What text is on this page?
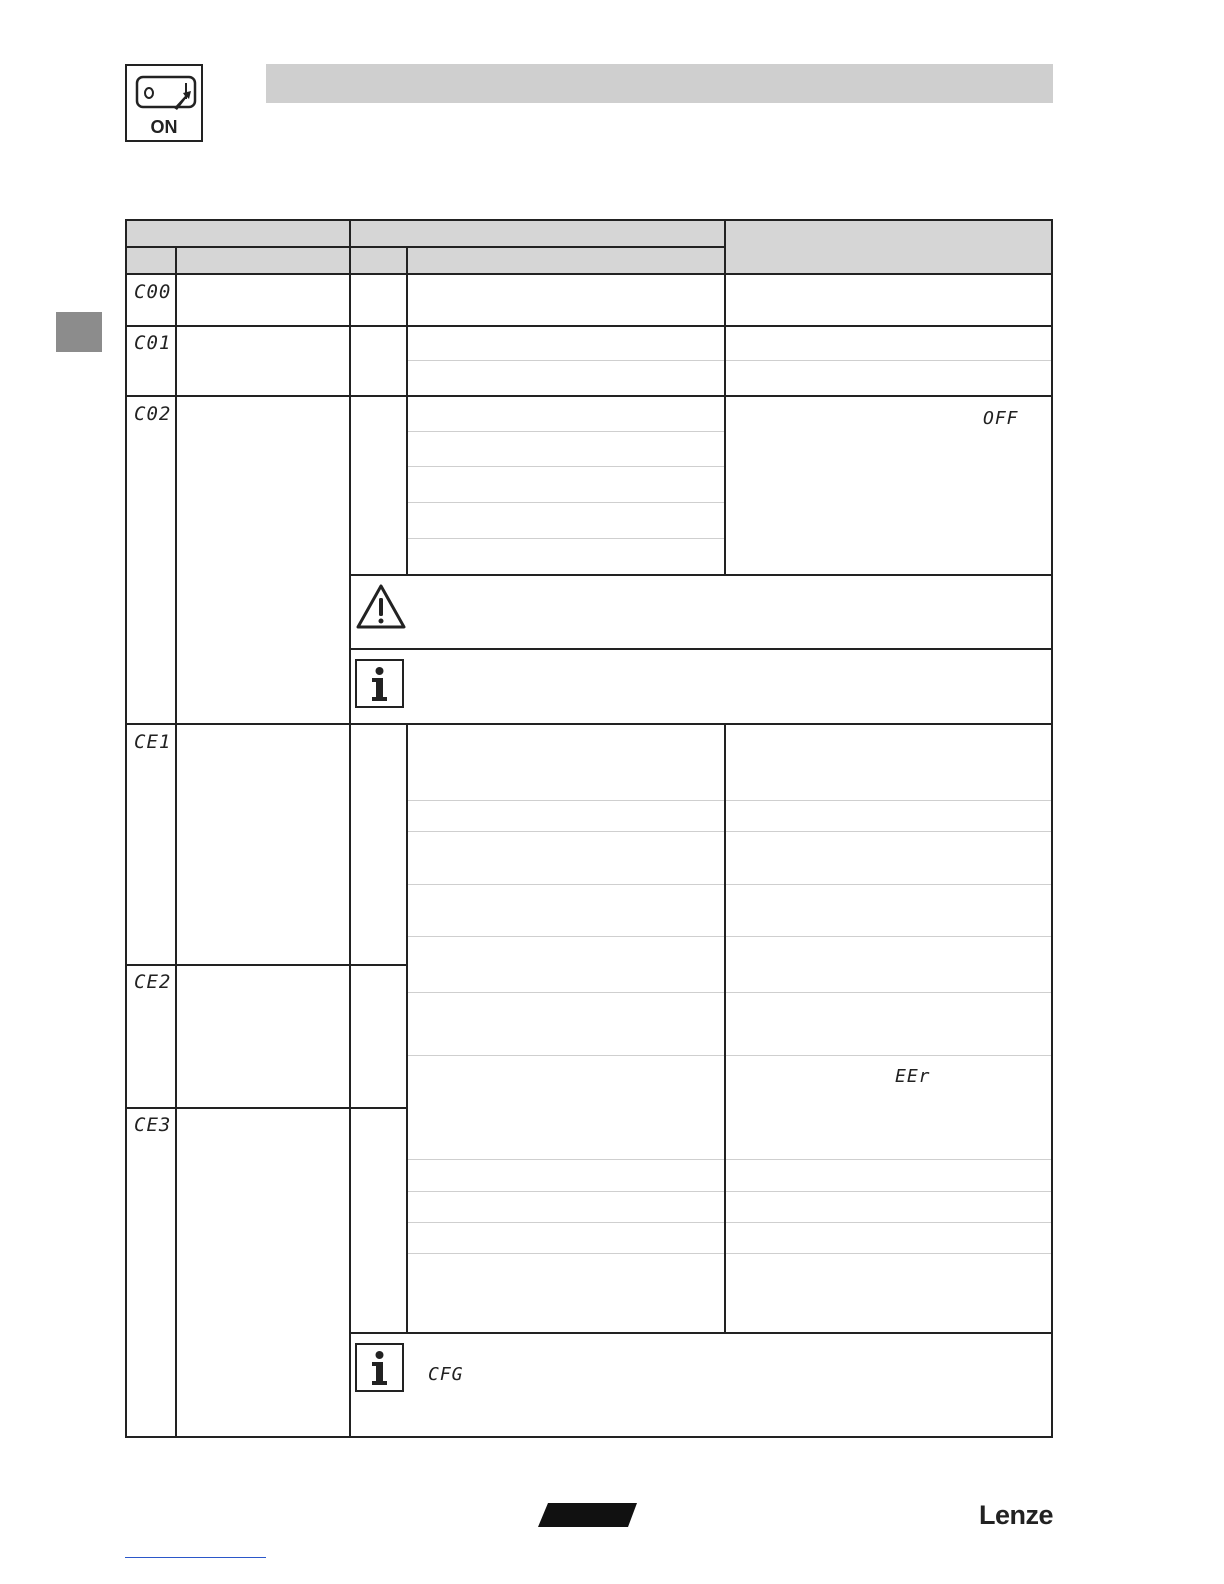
ON
C00
C01
C02
CE1
CE2
CE3
OFF
EEr
CFG
Lenze
